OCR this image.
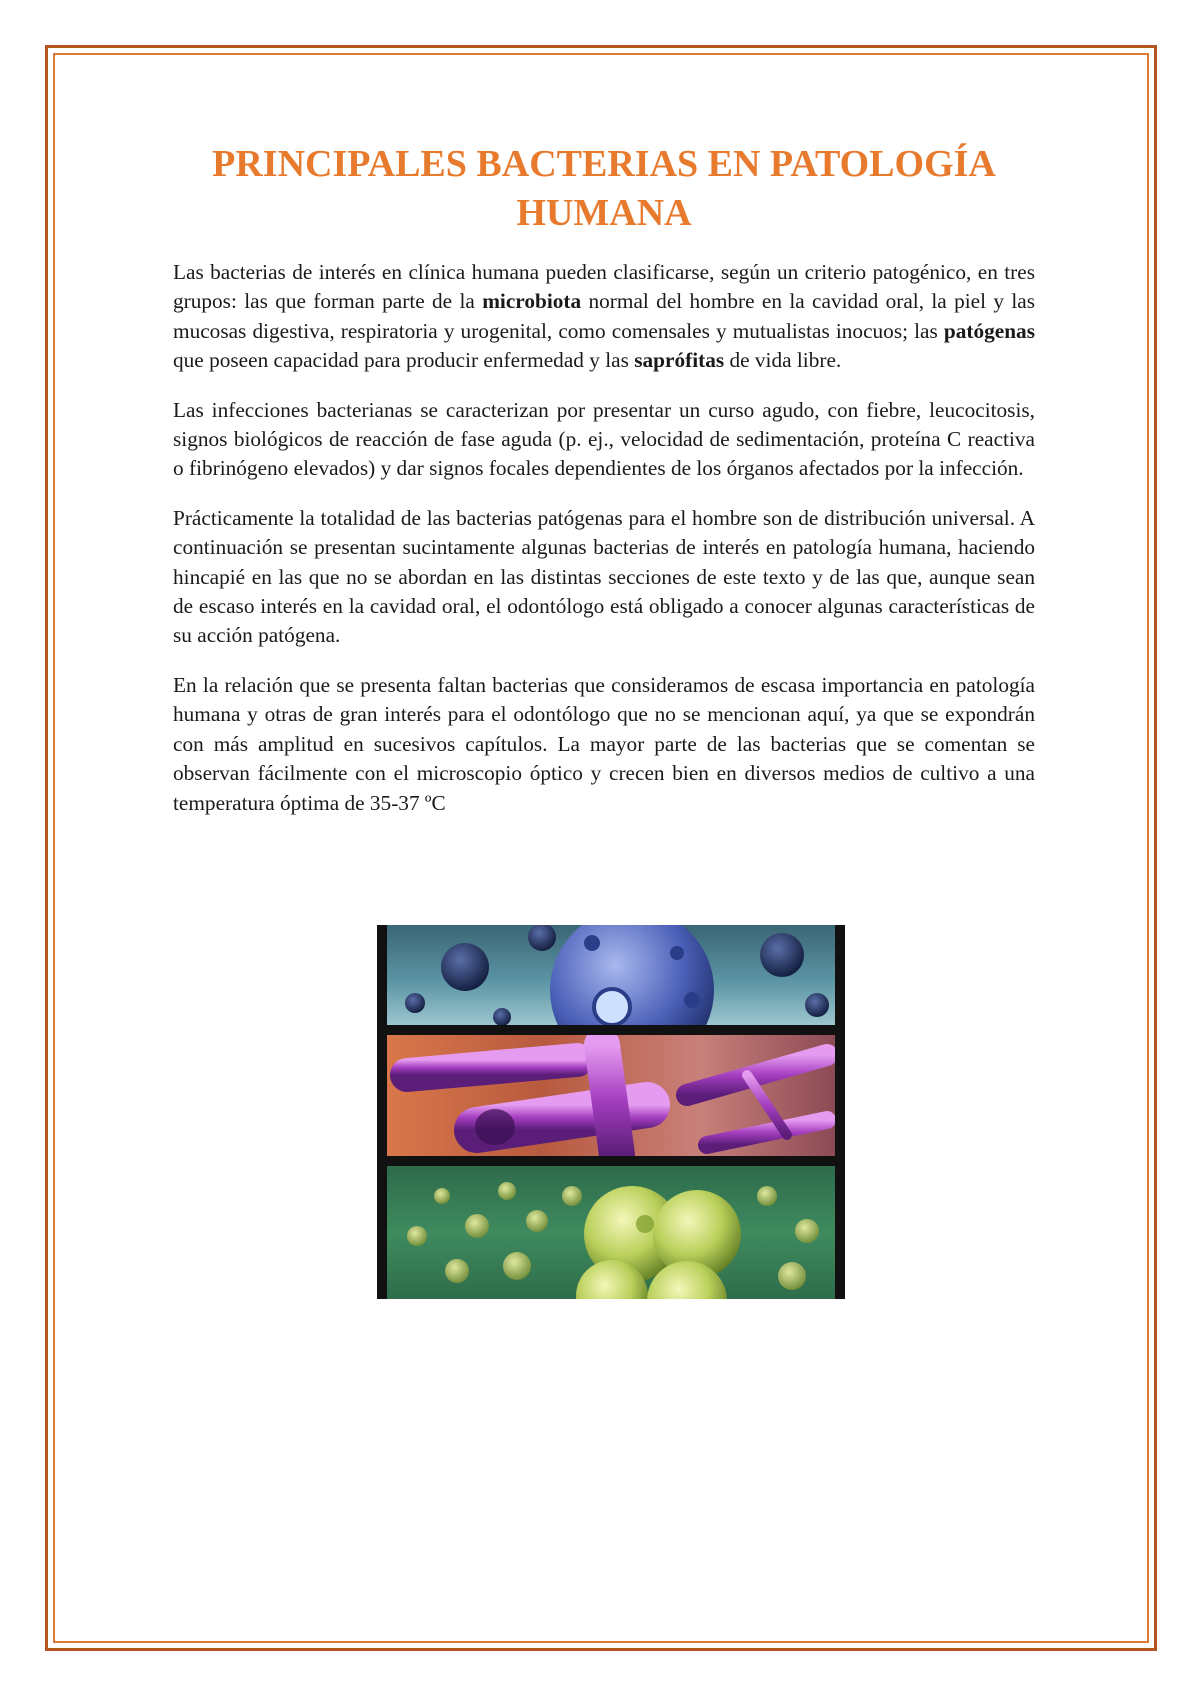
PRINCIPALES BACTERIAS EN PATOLOGÍA HUMANA

Las bacterias de interés en clínica humana pueden clasificarse, según un criterio patogénico, en tres grupos: las que forman parte de la microbiota normal del hombre en la cavidad oral, la piel y las mucosas digestiva, respiratoria y urogenital, como comensales y mutualistas inocuos; las patógenas que poseen capacidad para producir enfermedad y las saprófitas de vida libre.

Las infecciones bacterianas se caracterizan por presentar un curso agudo, con fiebre, leucocitosis, signos biológicos de reacción de fase aguda (p. ej., velocidad de sedimentación, proteína C reactiva o fibrinógeno elevados) y dar signos focales dependientes de los órganos afectados por la infección.

Prácticamente la totalidad de las bacterias patógenas para el hombre son de distribución universal. A continuación se presentan sucintamente algunas bacterias de interés en patología humana, haciendo hincapié en las que no se abordan en las distintas secciones de este texto y de las que, aunque sean de escaso interés en la cavidad oral, el odontólogo está obligado a conocer algunas características de su acción patógena.

En la relación que se presenta faltan bacterias que consideramos de escasa importancia en patología humana y otras de gran interés para el odontólogo que no se mencionan aquí, ya que se expondrán con más amplitud en sucesivos capítulos. La mayor parte de las bacterias que se comentan se observan fácilmente con el microscopio óptico y crecen bien en diversos medios de cultivo a una temperatura óptima de 35-37 ºC
